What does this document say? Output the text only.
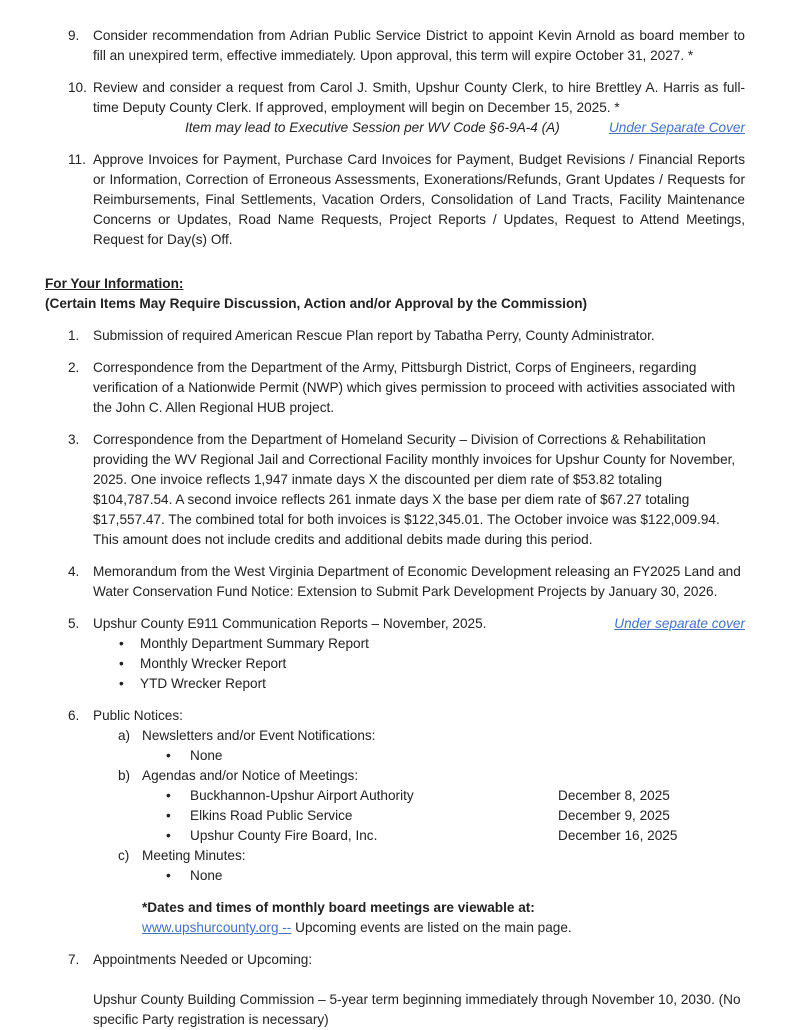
9.	Consider recommendation from Adrian Public Service District to appoint Kevin Arnold as board member to fill an unexpired term, effective immediately. Upon approval, this term will expire October 31, 2027. *
10. Review and consider a request from Carol J. Smith, Upshur County Clerk, to hire Brettley A. Harris as full-time Deputy County Clerk. If approved, employment will begin on December 15, 2025. *
Item may lead to Executive Session per WV Code §6-9A-4 (A)	Under Separate Cover
11. Approve Invoices for Payment, Purchase Card Invoices for Payment, Budget Revisions / Financial Reports or Information, Correction of Erroneous Assessments, Exonerations/Refunds, Grant Updates / Requests for Reimbursements, Final Settlements, Vacation Orders, Consolidation of Land Tracts, Facility Maintenance Concerns or Updates, Road Name Requests, Project Reports / Updates, Request to Attend Meetings, Request for Day(s) Off.
For Your Information:
(Certain Items May Require Discussion, Action and/or Approval by the Commission)
1.	Submission of required American Rescue Plan report by Tabatha Perry, County Administrator.
2.	Correspondence from the Department of the Army, Pittsburgh District, Corps of Engineers, regarding verification of a Nationwide Permit (NWP) which gives permission to proceed with activities associated with the John C. Allen Regional HUB project.
3.	Correspondence from the Department of Homeland Security – Division of Corrections & Rehabilitation providing the WV Regional Jail and Correctional Facility monthly invoices for Upshur County for November, 2025. One invoice reflects 1,947 inmate days X the discounted per diem rate of $53.82 totaling $104,787.54. A second invoice reflects 261 inmate days X the base per diem rate of $67.27 totaling $17,557.47. The combined total for both invoices is $122,345.01. The October invoice was $122,009.94. This amount does not include credits and additional debits made during this period.
4.	Memorandum from the West Virginia Department of Economic Development releasing an FY2025 Land and Water Conservation Fund Notice: Extension to Submit Park Development Projects by January 30, 2026.
5.	Upshur County E911 Communication Reports – November, 2025.	Under separate cover
• Monthly Department Summary Report
• Monthly Wrecker Report
• YTD Wrecker Report
6.	Public Notices:
a) Newsletters and/or Event Notifications:
• None
b) Agendas and/or Notice of Meetings:
• Buckhannon-Upshur Airport Authority	December 8, 2025
• Elkins Road Public Service	December 9, 2025
• Upshur County Fire Board, Inc.	December 16, 2025
c) Meeting Minutes:
• None
*Dates and times of monthly board meetings are viewable at:
www.upshurcounty.org -- Upcoming events are listed on the main page.
7.	Appointments Needed or Upcoming:
Upshur County Building Commission – 5-year term beginning immediately through November 10, 2030. (No specific Party registration is necessary)
